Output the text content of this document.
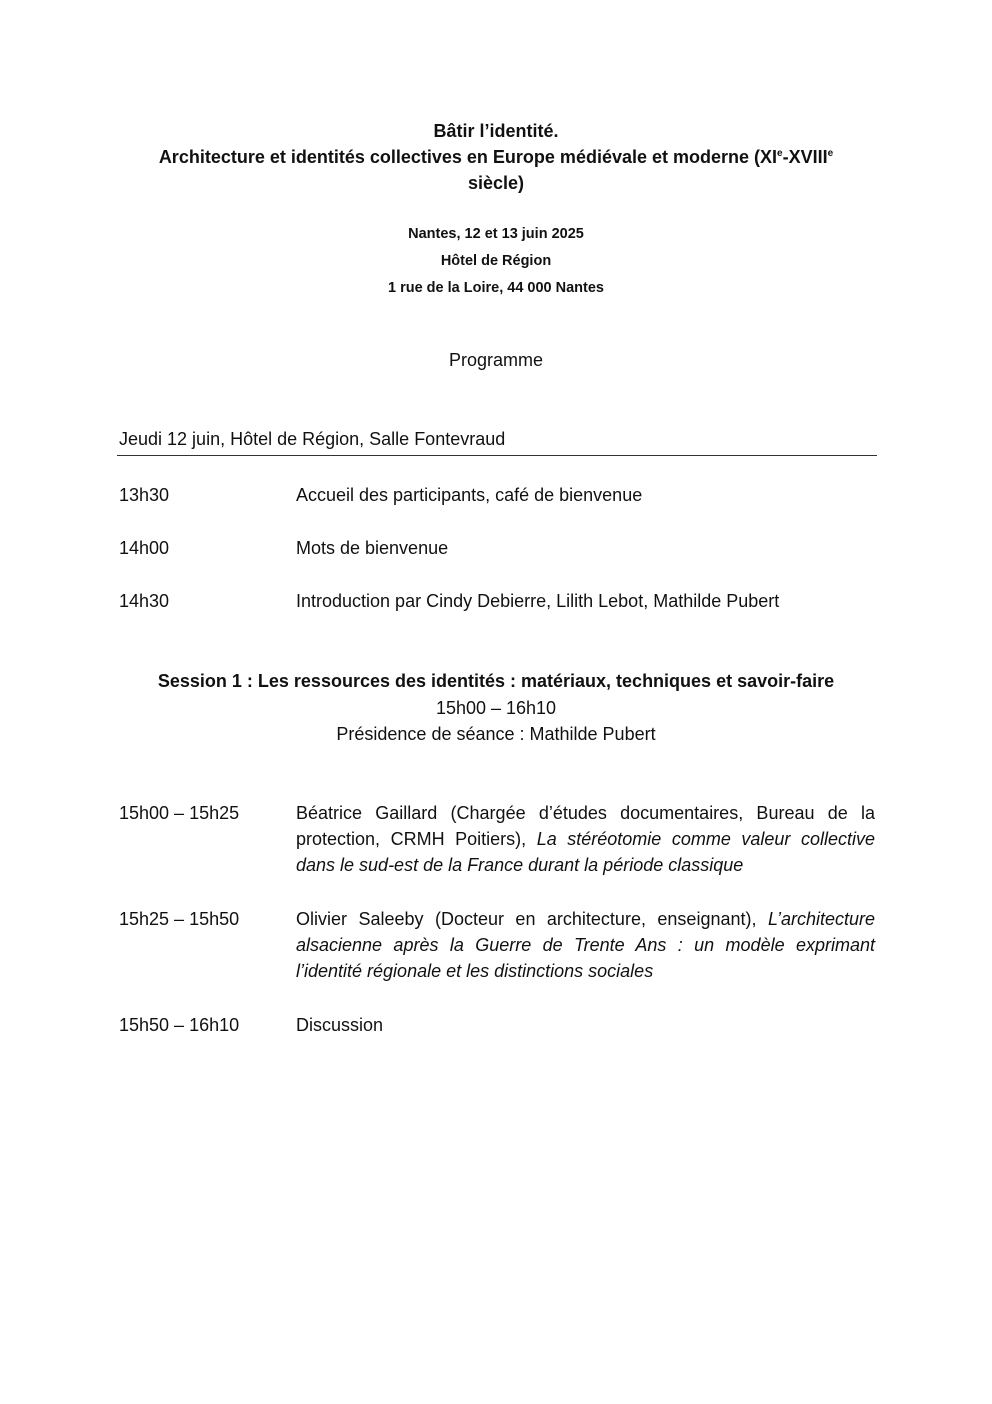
Bâtir l’identité.
Architecture et identités collectives en Europe médiévale et moderne (XIe-XVIIIe
siècle)
Nantes, 12 et 13 juin 2025
Hôtel de Région
1 rue de la Loire, 44 000 Nantes
Programme
Jeudi 12 juin, Hôtel de Région, Salle Fontevraud
13h30	Accueil des participants, café de bienvenue
14h00	Mots de bienvenue
14h30	Introduction par Cindy Debierre, Lilith Lebot, Mathilde Pubert
Session 1 : Les ressources des identités : matériaux, techniques et savoir-faire
15h00 – 16h10
Présidence de séance : Mathilde Pubert
15h00 – 15h25	Béatrice Gaillard (Chargée d’études documentaires, Bureau de la protection, CRMH Poitiers), La stéréotomie comme valeur collective dans le sud-est de la France durant la période classique
15h25 – 15h50	Olivier Saleeby (Docteur en architecture, enseignant), L’architecture alsacienne après la Guerre de Trente Ans : un modèle exprimant l’identité régionale et les distinctions sociales
15h50 – 16h10	Discussion
